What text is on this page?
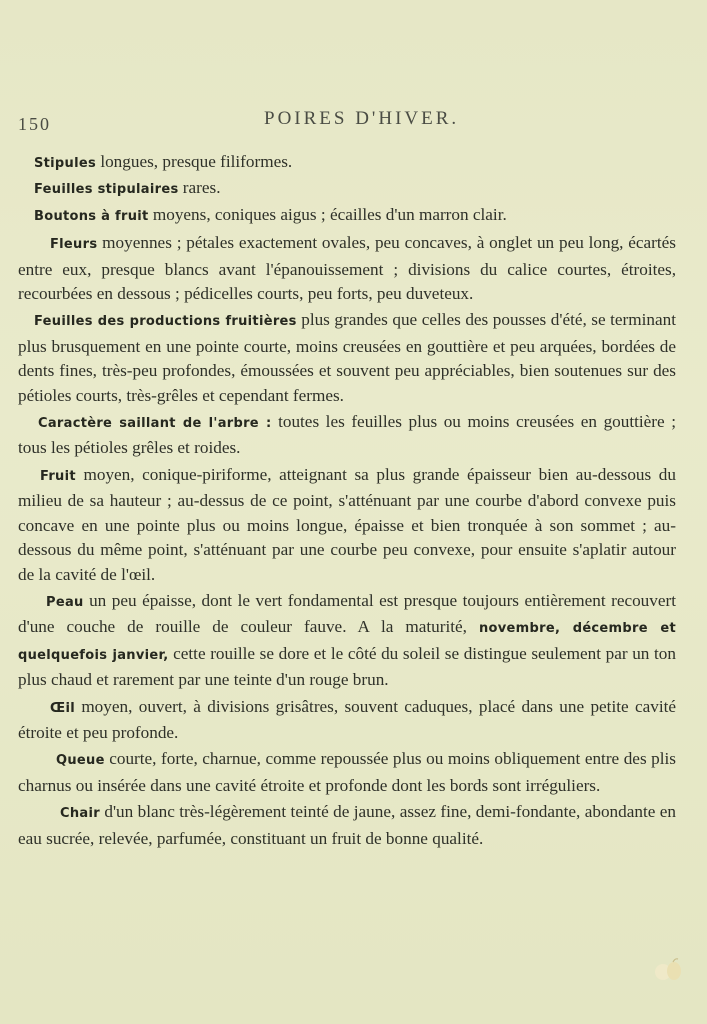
150	POIRES D'HIVER.

Stipules longues, presque filiformes.

Feuilles stipulaires rares.

Boutons à fruit moyens, coniques aigus ; écailles d'un marron clair.

Fleurs moyennes ; pétales exactement ovales, peu concaves, à onglet un peu long, écartés entre eux, presque blancs avant l'épanouissement ; divisions du calice courtes, étroites, recourbées en dessous ; pédicelles courts, peu forts, peu duveteux.

Feuilles des productions fruitières plus grandes que celles des pousses d'été, se terminant plus brusquement en une pointe courte, moins creusées en gouttière et peu arquées, bordées de dents fines, très-peu profondes, émoussées et souvent peu appréciables, bien soutenues sur des pétioles courts, très-grêles et cependant fermes.

Caractère saillant de l'arbre : toutes les feuilles plus ou moins creusées en gouttière ; tous les pétioles grêles et roides.

Fruit moyen, conique-piriforme, atteignant sa plus grande épaisseur bien au-dessous du milieu de sa hauteur ; au-dessus de ce point, s'atténuant par une courbe d'abord convexe puis concave en une pointe plus ou moins longue, épaisse et bien tronquée à son sommet ; au-dessous du même point, s'atténuant par une courbe peu convexe, pour ensuite s'aplatir autour de la cavité de l'œil.

Peau un peu épaisse, dont le vert fondamental est presque toujours entièrement recouvert d'une couche de rouille de couleur fauve. A la maturité, novembre, décembre et quelquefois janvier, cette rouille se dore et le côté du soleil se distingue seulement par un ton plus chaud et rarement par une teinte d'un rouge brun.

Œil moyen, ouvert, à divisions grisâtres, souvent caduques, placé dans une petite cavité étroite et peu profonde.

Queue courte, forte, charnue, comme repoussée plus ou moins obliquement entre des plis charnus ou insérée dans une cavité étroite et profonde dont les bords sont irréguliers.

Chair d'un blanc très-légèrement teinté de jaune, assez fine, demi-fondante, abondante en eau sucrée, relevée, parfumée, constituant un fruit de bonne qualité.
